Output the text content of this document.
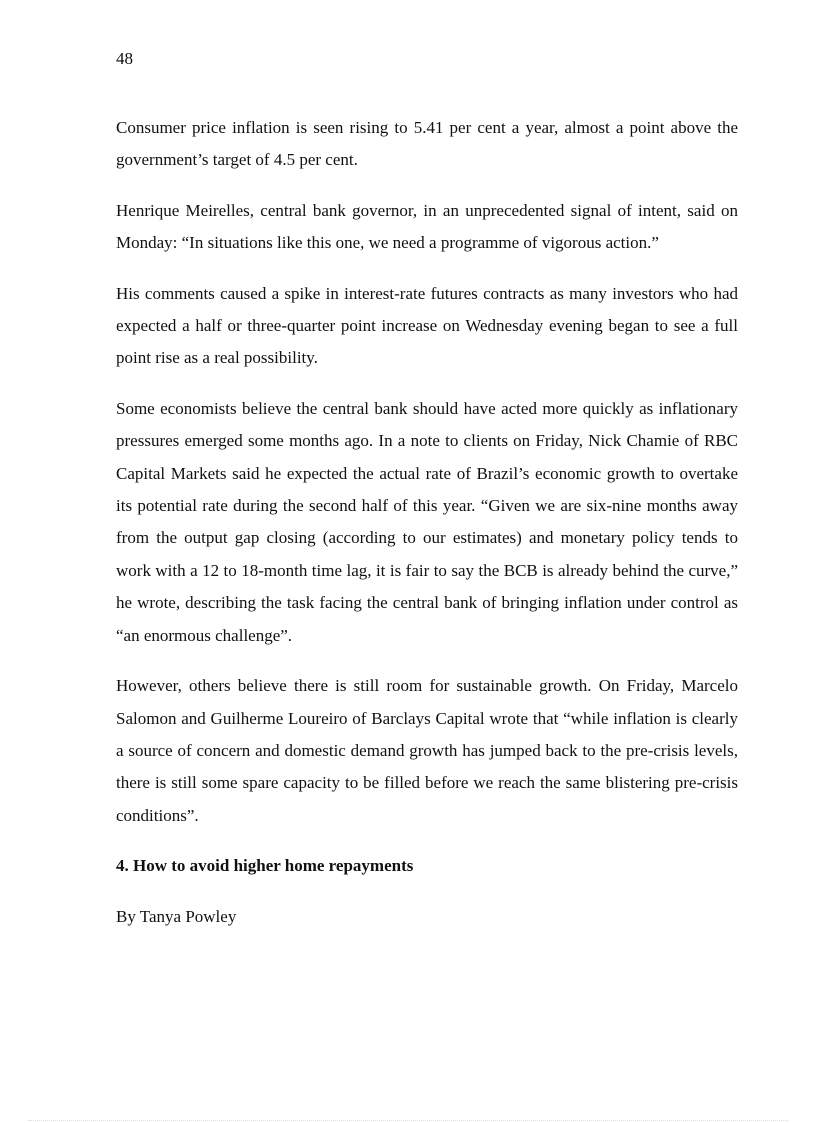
48

Consumer price inflation is seen rising to 5.41 per cent a year, almost a point above the government’s target of 4.5 per cent.

Henrique Meirelles, central bank governor, in an unprecedented signal of intent, said on Monday: “In situations like this one, we need a programme of vigorous action.”

His comments caused a spike in interest-rate futures contracts as many investors who had expected a half or three-quarter point increase on Wednesday evening began to see a full point rise as a real possibility.

Some economists believe the central bank should have acted more quickly as inflationary pressures emerged some months ago. In a note to clients on Friday, Nick Chamie of RBC Capital Markets said he expected the actual rate of Brazil’s economic growth to overtake its potential rate during the second half of this year. “Given we are six-nine months away from the output gap closing (according to our estimates) and monetary policy tends to work with a 12 to 18-month time lag, it is fair to say the BCB is already behind the curve,” he wrote, describing the task facing the central bank of bringing inflation under control as “an enormous challenge”.

However, others believe there is still room for sustainable growth. On Friday, Marcelo Salomon and Guilherme Loureiro of Barclays Capital wrote that “while inflation is clearly a source of concern and domestic demand growth has jumped back to the pre-crisis levels, there is still some spare capacity to be filled before we reach the same blistering pre-crisis conditions”.

4. How to avoid higher home repayments

By Tanya Powley
